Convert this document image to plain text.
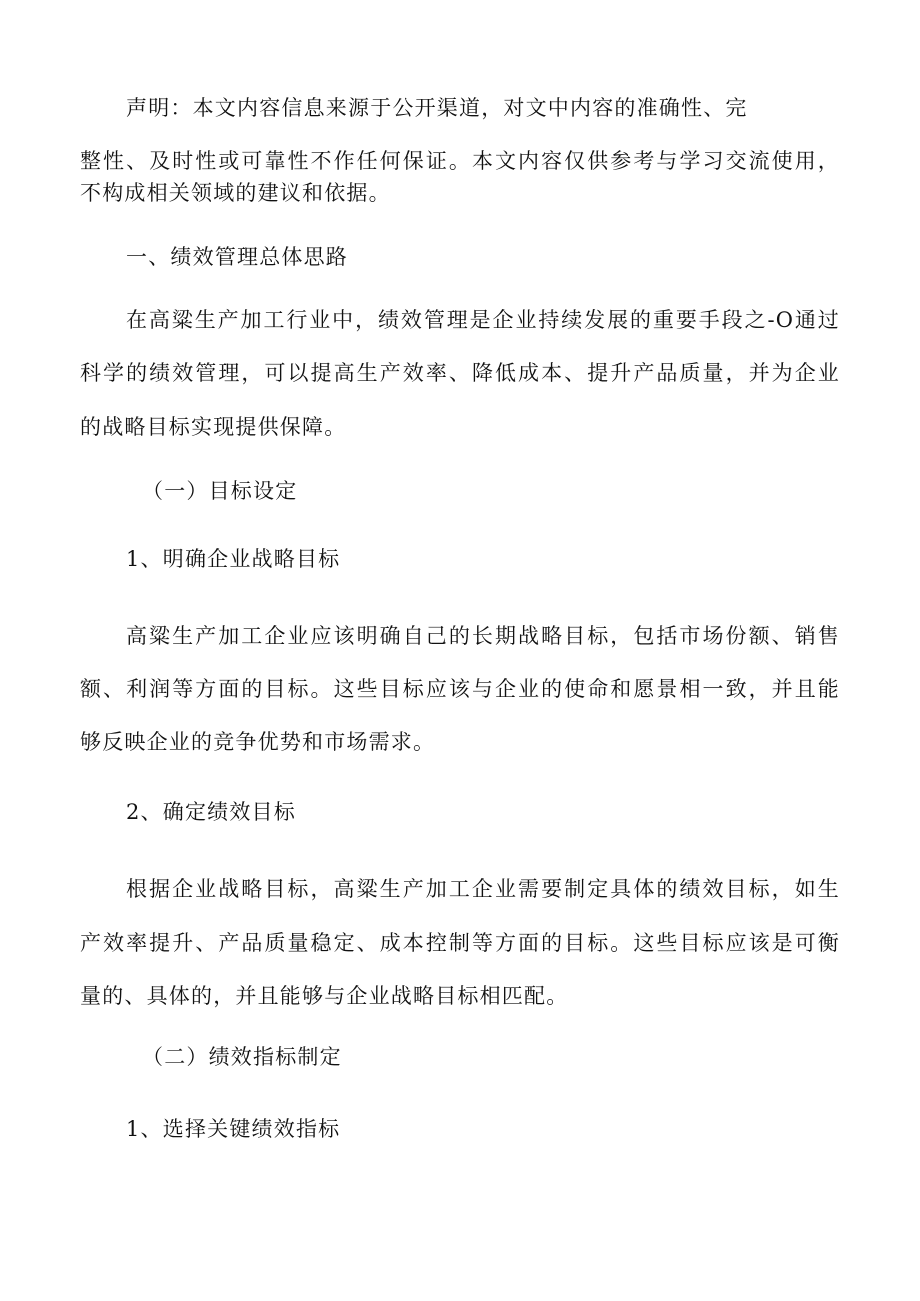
声明：本文内容信息来源于公开渠道，对文中内容的准确性、完
整性、及时性或可靠性不作任何保证。本文内容仅供参考与学习交流使用，
不构成相关领域的建议和依据。
一、绩效管理总体思路
在高粱生产加工行业中，绩效管理是企业持续发展的重要手段之-O通过
科学的绩效管理，可以提高生产效率、降低成本、提升产品质量，并为企业
的战略目标实现提供保障。
（一）目标设定
1、明确企业战略目标
高粱生产加工企业应该明确自己的长期战略目标，包括市场份额、销售
额、利润等方面的目标。这些目标应该与企业的使命和愿景相一致，并且能
够反映企业的竞争优势和市场需求。
2、确定绩效目标
根据企业战略目标，高粱生产加工企业需要制定具体的绩效目标，如生
产效率提升、产品质量稳定、成本控制等方面的目标。这些目标应该是可衡
量的、具体的，并且能够与企业战略目标相匹配。
（二）绩效指标制定
1、选择关键绩效指标
